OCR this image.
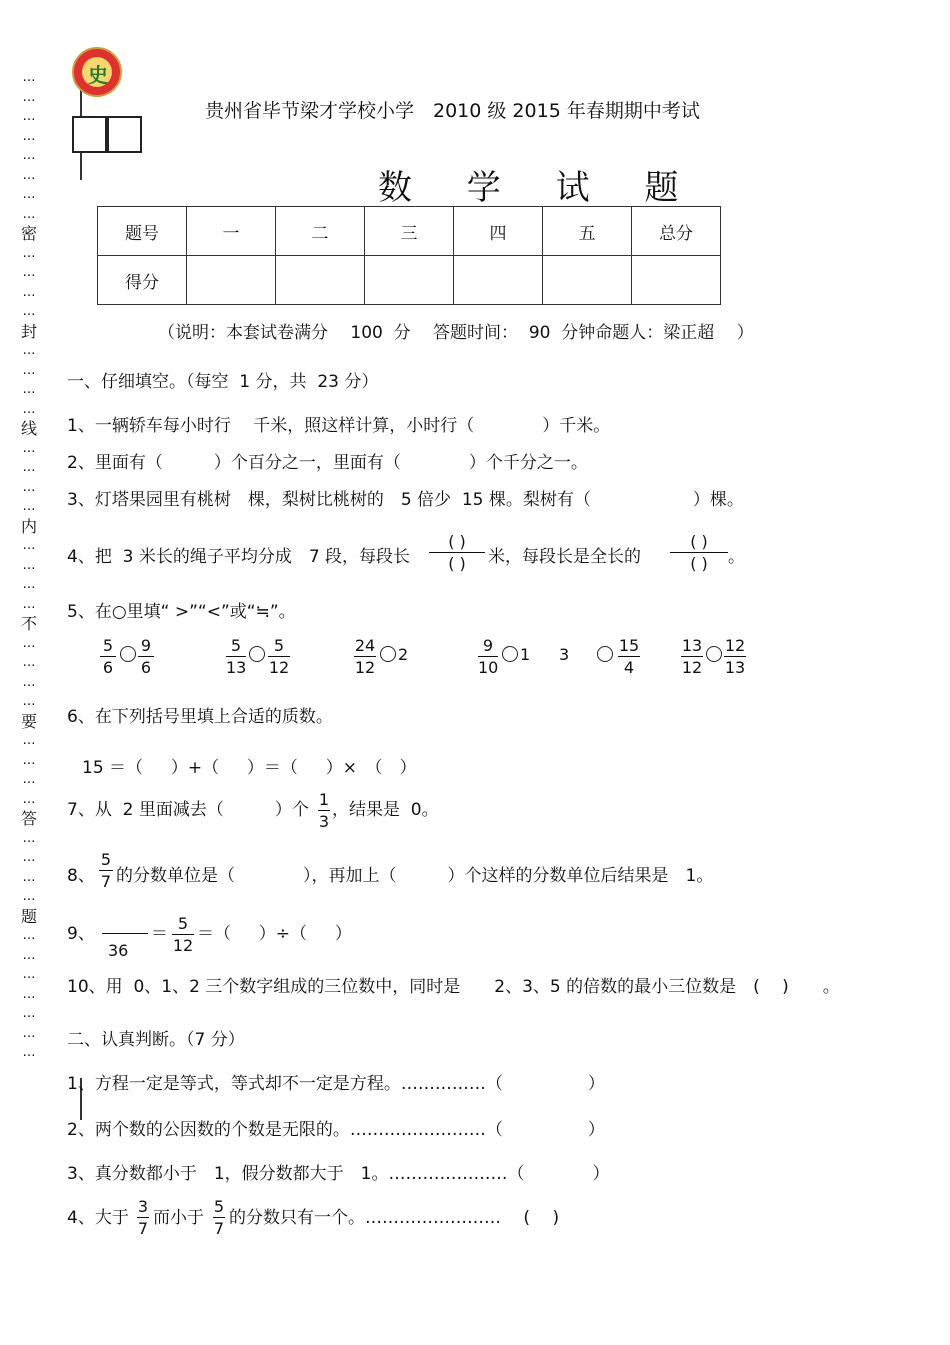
…
…
…
…
…
…
…
…
密
…
…
…
…
封
…
…
…
…
线
…
…
…
…
内
…
…
…
…
不
…
…
…
…
要
…
…
…
…
答
…
…
…
…
题
…
…
…
…
…
…
…
史
贵州省毕节梁才学校小学　2010 级 2015 年春期期中考试
数 学 试 题
题号	一	二	三	四	五	总分
得分						
（说明：本套试卷满分　 100  分　 答题时间：  90  分钟命题人：梁正超　 ）
一、仔细填空。（每空  1 分，共  23 分）
1、一辆轿车每小时行　 千米，照这样计算，小时行（　　　　）千米。
2、里面有（　　　）个百分之一，里面有（　　　　）个千分之一。
3、灯塔果园里有桃树　棵，梨树比桃树的　5 倍少  15 棵。梨树有（　　　　　　）棵。
4、把  3 米长的绳子平均分成　7 段，每段长
( )
( )	米，每段长是全长的
( )
( )	。
5、在○里填“ >”“<”或“≒”。
5
6
9
6
5
13
5
12
24
12
2	9
10
1 3	15
4
13
12
12
13
6、在下列括号里填上合适的质数。
15 ＝（　  ）+（　  ）＝（　  ）×　（　）
7、从  2 里面减去（　　　）个
1
3
，结果是  0。
8、
5
7 的分数单位是（　　　　），再加上（　　　）个这样的分数单位后结果是　1。
9、
36
＝
5
12
＝（　  ）÷（　  ）
10、用  0、1、2 三个数字组成的三位数中，同时是　　2、3、5 的倍数的最小三位数是　(　 )　　。
二、认真判断。（7 分）
1、方程一定是等式，等式却不一定是方程。……………（　　　　　）
2、两个数的公因数的个数是无限的。……………………（　　　　　）
3、真分数都小于　1，假分数都大于　1。…………………（　　　　）
4、大于
3
7
而小于
5
7
的分数只有一个。……………………　 (　 )
